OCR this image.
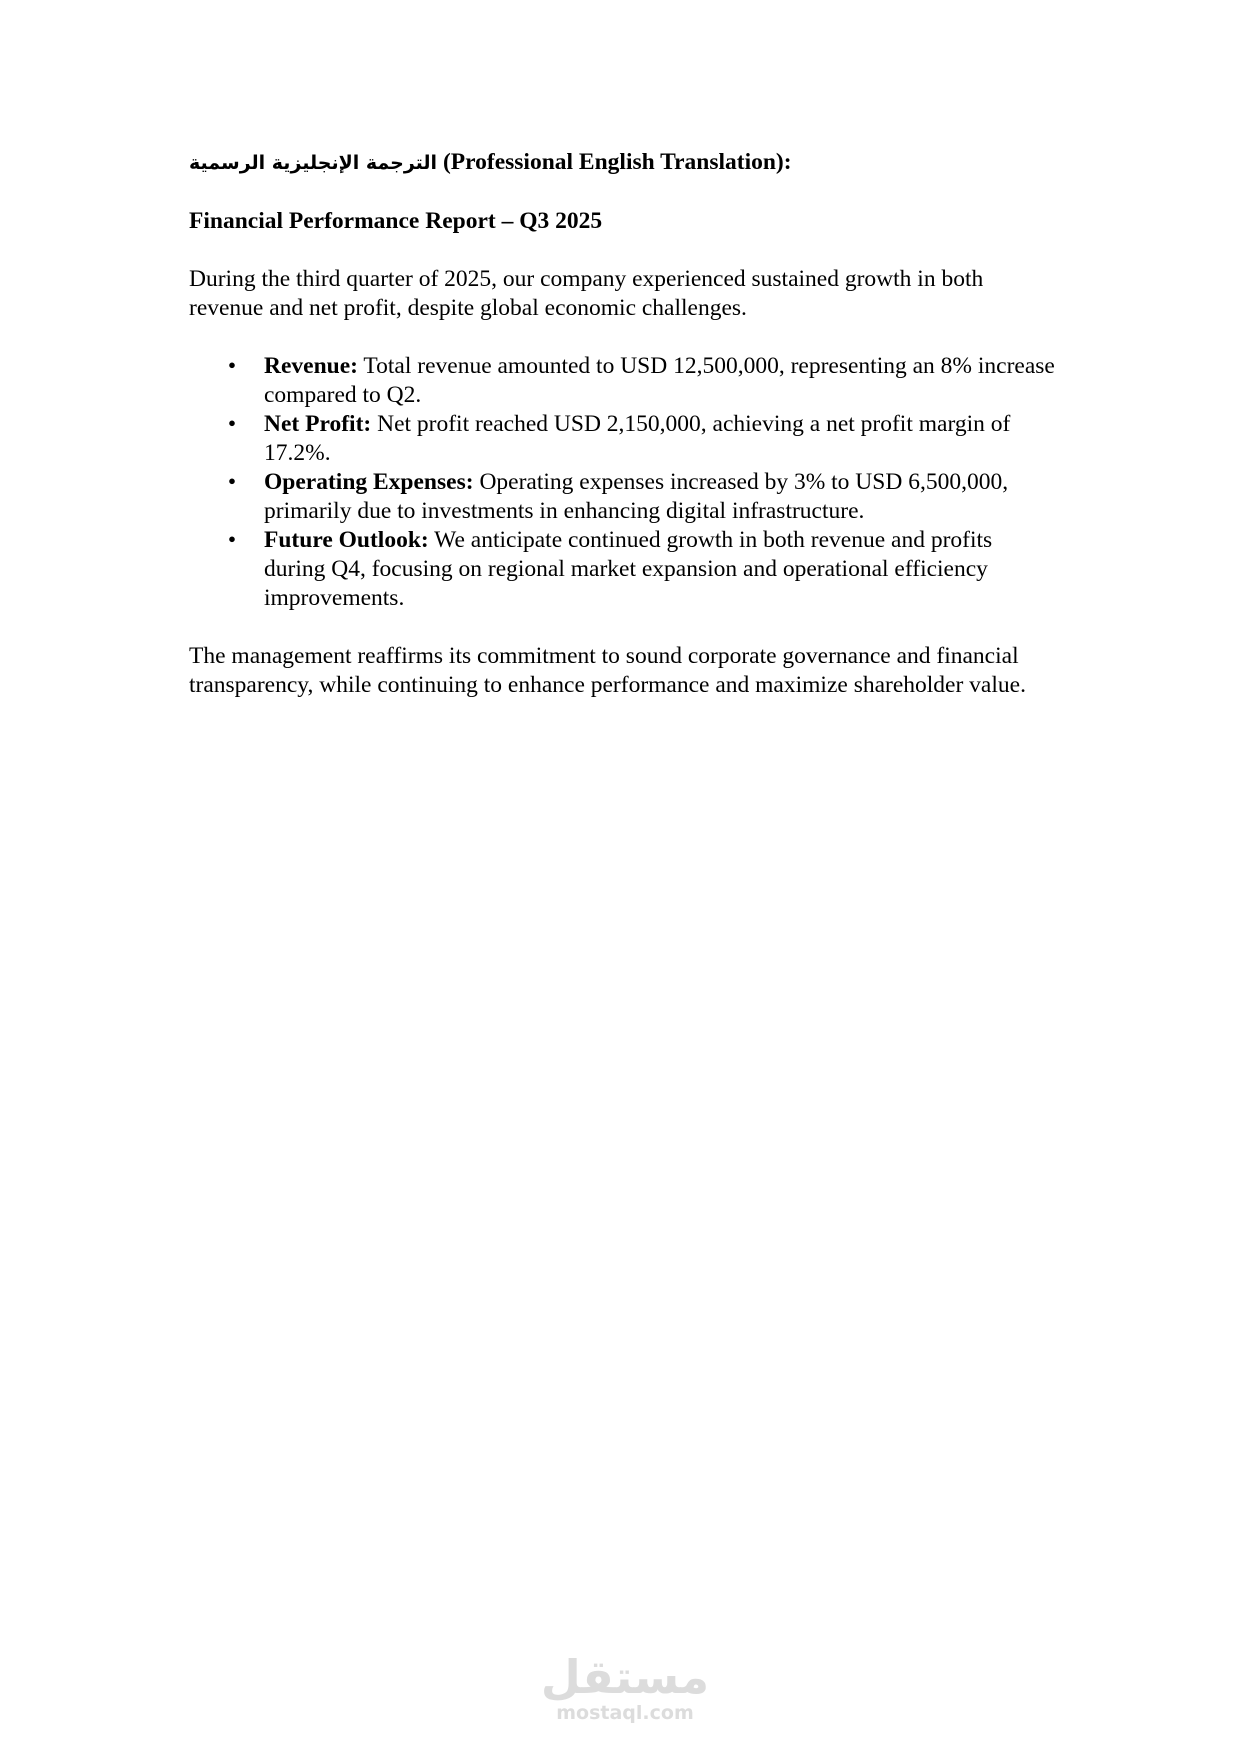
الترجمة الإنجليزية الرسمية (Professional English Translation):

Financial Performance Report – Q3 2025

During the third quarter of 2025, our company experienced sustained growth in both revenue and net profit, despite global economic challenges.

• Revenue: Total revenue amounted to USD 12,500,000, representing an 8% increase compared to Q2.
• Net Profit: Net profit reached USD 2,150,000, achieving a net profit margin of 17.2%.
• Operating Expenses: Operating expenses increased by 3% to USD 6,500,000, primarily due to investments in enhancing digital infrastructure.
• Future Outlook: We anticipate continued growth in both revenue and profits during Q4, focusing on regional market expansion and operational efficiency improvements.

The management reaffirms its commitment to sound corporate governance and financial transparency, while continuing to enhance performance and maximize shareholder value.

مستقل
mostaql.com
